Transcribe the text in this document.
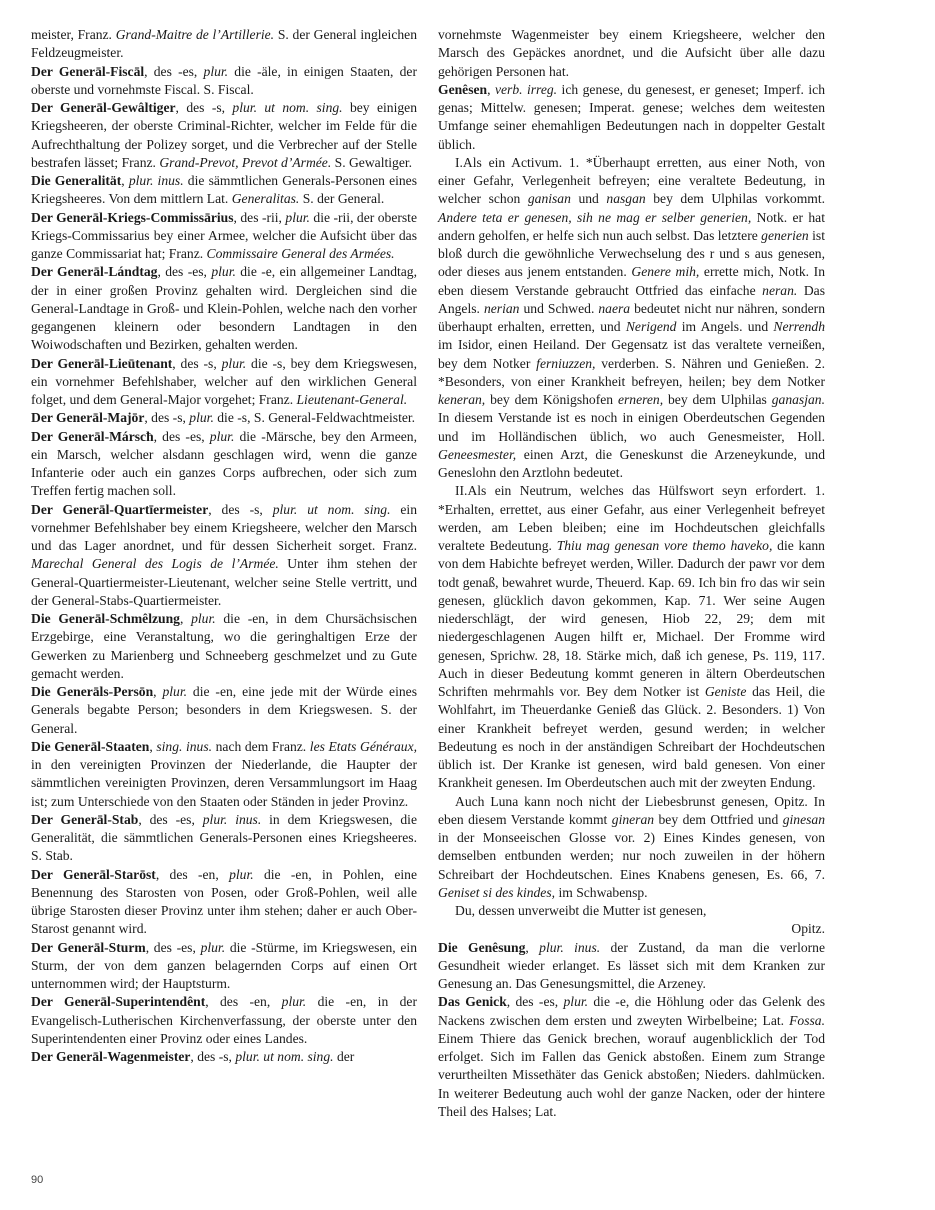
meister, Franz. Grand-Maitre de l’Artillerie. S. der General ingleichen Feldzeugmeister.

Der Generāl-Fiscāl, des -es, plur. die -äle, in einigen Staaten, der oberste und vornehmste Fiscal. S. Fiscal.

Der Generāl-Gewâltiger, des -s, plur. ut nom. sing. bey einigen Kriegsheeren, der oberste Criminal-Richter, welcher im Felde für die Aufrechthaltung der Polizey sorget, und die Verbrecher auf der Stelle bestrafen lässet; Franz. Grand-Prevot, Prevot d’Armée. S. Gewaltiger.

Die Generalität, plur. inus. die sämmtlichen Generals-Personen eines Kriegsheeres. Von dem mittlern Lat. Generalitas. S. der General.

Der Generāl-Kriegs-Commissārius, des -rii, plur. die -rii, der oberste Kriegs-Commissarius bey einer Armee, welcher die Aufsicht über das ganze Commissariat hat; Franz. Commissaire General des Armées.

Der Generāl-Lándtag, des -es, plur. die -e, ein allgemeiner Landtag, der in einer großen Provinz gehalten wird. Dergleichen sind die General-Landtage in Groß- und Klein-Pohlen, welche nach den vorher gegangenen kleinern oder besondern Landtagen in den Woiwodschaften und Bezirken, gehalten werden.

Der Generāl-Lieūtenant, des -s, plur. die -s, bey dem Kriegswesen, ein vornehmer Befehlshaber, welcher auf den wirklichen General folget, und dem General-Major vorgehet; Franz. Lieutenant-General.

Der Generāl-Majōr, des -s, plur. die -s, S. General-Feldwachtmeister.

Der Generāl-Márscħ, des -es, plur. die -Märsche, bey den Armeen, ein Marsch, welcher alsdann geschlagen wird, wenn die ganze Infanterie oder auch ein ganzes Corps aufbrechen, oder sich zum Treffen fertig machen soll.

Der Generāl-Quartīermeister, des -s, plur. ut nom. sing. ein vornehmer Befehlshaber bey einem Kriegsheere, welcher den Marsch und das Lager anordnet, und für dessen Sicherheit sorget. Franz. Marechal General des Logis de l’Armée. Unter ihm stehen der General-Quartiermeister-Lieutenant, welcher seine Stelle vertritt, und der General-Stabs-Quartiermeister.

Die Generāl-Schmêlzung, plur. die -en, in dem Chursächsischen Erzgebirge, eine Veranstaltung, wo die geringhaltigen Erze der Gewerken zu Marienberg und Schneeberg geschmelzet und zu Gute gemacht werden.

Die Generāls-Persōn, plur. die -en, eine jede mit der Würde eines Generals begabte Person; besonders in dem Kriegswesen. S. der General.

Die Generāl-Staaten, sing. inus. nach dem Franz. les Etats Généraux, in den vereinigten Provinzen der Niederlande, die Haupter der sämmtlichen vereinigten Provinzen, deren Versammlungsort im Haag ist; zum Unterschiede von den Staaten oder Ständen in jeder Provinz.

Der Generāl-Stab, des -es, plur. inus. in dem Kriegswesen, die Generalität, die sämmtlichen Generals-Personen eines Kriegsheeres. S. Stab.

Der Generāl-Starōst, des -en, plur. die -en, in Pohlen, eine Benennung des Starosten von Posen, oder Groß-Pohlen, weil alle übrige Starosten dieser Provinz unter ihm stehen; daher er auch Ober-Starost genannt wird.

Der Generāl-Sturm, des -es, plur. die -Stürme, im Kriegswesen, ein Sturm, der von dem ganzen belagernden Corps auf einen Ort unternommen wird; der Hauptsturm.

Der Generāl-Superintendênt, des -en, plur. die -en, in der Evangelisch-Lutherischen Kirchenverfassung, der oberste unter den Superintendenten einer Provinz oder eines Landes.

Der Generāl-Wagenmeister, des -s, plur. ut nom. sing. der

vornehmste Wagenmeister bey einem Kriegsheere, welcher den Marsch des Gepäckes anordnet, und die Aufsicht über alle dazu gehörigen Personen hat.

Genêsen, verb. irreg. ich genese, du genesest, er geneset; Imperf. ich genas; Mittelw. genesen; Imperat. genese; welches dem weitesten Umfange seiner ehemahligen Bedeutungen nach in doppelter Gestalt üblich.

I.Als ein Activum. 1. *Überhaupt erretten, aus einer Noth, von einer Gefahr, Verlegenheit befreyen; eine veraltete Bedeutung, in welcher schon ganisan und nasgan bey dem Ulphilas vorkommt. Andere teta er genesen, sih ne mag er selber generien, Notk. er hat andern geholfen, er helfe sich nun auch selbst. Das letztere generien ist bloß durch die gewöhnliche Verwechselung des r und s aus genesen, oder dieses aus jenem entstanden. Genere mih, errette mich, Notk. In eben diesem Verstande gebraucht Ottfried das einfache neran. Das Angels. nerian und Schwed. naera bedeutet nicht nur nähren, sondern überhaupt erhalten, erretten, und Nerigend im Angels. und Nerrendh im Isidor, einen Heiland. Der Gegensatz ist das veraltete verneißen, bey dem Notker ferniuzzen, verderben. S. Nähren und Genießen. 2. *Besonders, von einer Krankheit befreyen, heilen; bey dem Notker keneran, bey dem Königshofen erneren, bey dem Ulphilas ganasjan. In diesem Verstande ist es noch in einigen Oberdeutschen Gegenden und im Holländischen üblich, wo auch Genesmeister, Holl. Geneesmester, einen Arzt, die Geneskunst die Arzeneykunde, und Geneslohn den Arztlohn bedeutet.

II.Als ein Neutrum, welches das Hülfswort seyn erfordert. 1. *Erhalten, errettet, aus einer Gefahr, aus einer Verlegenheit befreyet werden, am Leben bleiben; eine im Hochdeutschen gleichfalls veraltete Bedeutung. Thiu mag genesan vore themo haveko, die kann von dem Habichte befreyet werden, Willer. Dadurch der pawr vor dem todt genaß, bewahret wurde, Theuerd. Kap. 69. Ich bin fro das wir sein genesen, glücklich davon gekommen, Kap. 71. Wer seine Augen niederschlägt, der wird genesen, Hiob 22, 29; dem mit niedergeschlagenen Augen hilft er, Michael. Der Fromme wird genesen, Sprichw. 28, 18. Stärke mich, daß ich genese, Ps. 119, 117. Auch in dieser Bedeutung kommt generen in ältern Oberdeutschen Schriften mehrmahls vor. Bey dem Notker ist Geniste das Heil, die Wohlfahrt, im Theuerdanke Genieß das Glück. 2. Besonders. 1) Von einer Krankheit befreyet werden, gesund werden; in welcher Bedeutung es noch in der anständigen Schreibart der Hochdeutschen üblich ist. Der Kranke ist genesen, wird bald genesen. Von einer Krankheit genesen. Im Oberdeutschen auch mit der zweyten Endung.

Auch Luna kann noch nicht der Liebesbrunst genesen, Opitz. In eben diesem Verstande kommt gineran bey dem Ottfried und ginesan in der Monseeischen Glosse vor. 2) Eines Kindes genesen, von demselben entbunden werden; nur noch zuweilen in der höhern Schreibart der Hochdeutschen. Eines Knabens genesen, Es. 66, 7. Geniset si des kindes, im Schwabensp.

Du, dessen unverweibt die Mutter ist genesen,

Opitz.

Die Genêsung, plur. inus. der Zustand, da man die verlorne Gesundheit wieder erlanget. Es lässet sich mit dem Kranken zur Genesung an. Das Genesungsmittel, die Arzeney.

Das Genick, des -es, plur. die -e, die Höhlung oder das Gelenk des Nackens zwischen dem ersten und zweyten Wirbelbeine; Lat. Fossa. Einem Thiere das Genick brechen, worauf augenblicklich der Tod erfolget. Sich im Fallen das Genick abstoßen. Einem zum Strange verurtheilten Missethäter das Genick abstoßen; Nieders. dahlmücken. In weiterer Bedeutung auch wohl der ganze Nacken, oder der hintere Theil des Halses; Lat.

90
